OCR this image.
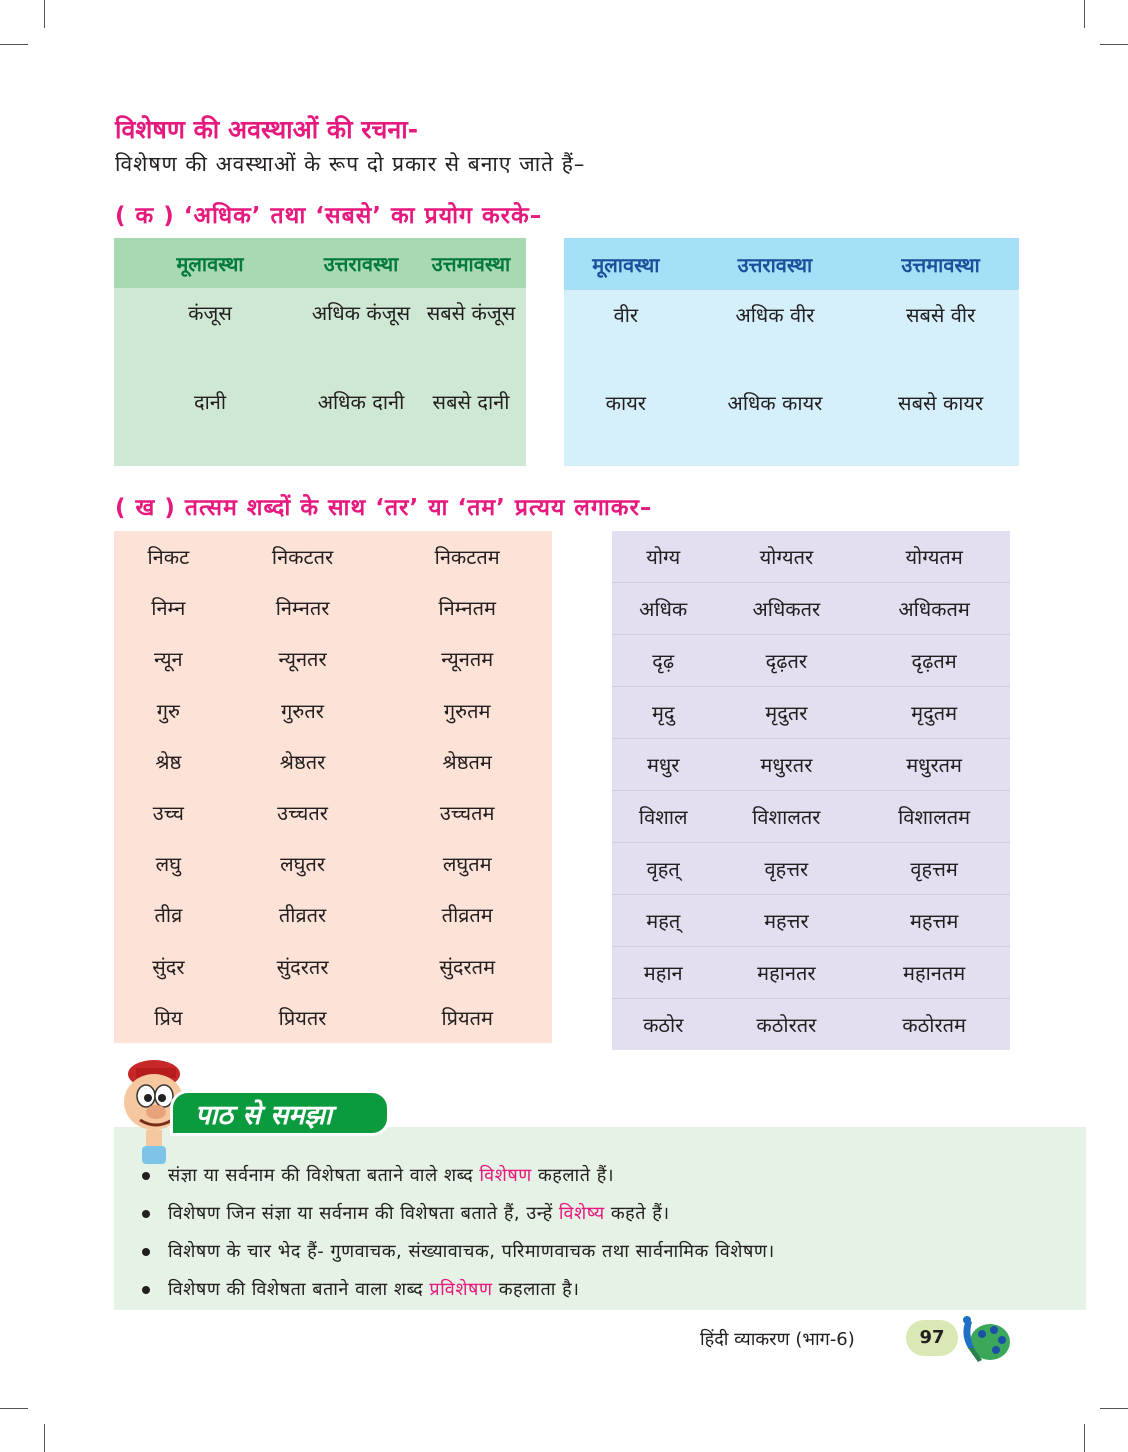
विशेषण की अवस्थाओं की रचना-
विशेषण की अवस्थाओं के रूप दो प्रकार से बनाए जाते हैं–
( क ) ‘अधिक’ तथा ‘सबसे’ का प्रयोग करके–
मूलावस्था	उत्तरावस्था	उत्तमावस्था
कंजूस	अधिक कंजूस	सबसे कंजूस
दानी	अधिक दानी	सबसे दानी
मूलावस्था	उत्तरावस्था	उत्तमावस्था
वीर	अधिक वीर	सबसे वीर
कायर	अधिक कायर	सबसे कायर
( ख ) तत्सम शब्दों के साथ ‘तर’ या ‘तम’ प्रत्यय लगाकर–
निकट	निकटतर	निकटतम
निम्न	निम्नतर	निम्नतम
न्यून	न्यूनतर	न्यूनतम
गुरु	गुरुतर	गुरुतम
श्रेष्ठ	श्रेष्ठतर	श्रेष्ठतम
उच्च	उच्चतर	उच्चतम
लघु	लघुतर	लघुतम
तीव्र	तीव्रतर	तीव्रतम
सुंदर	सुंदरतर	सुंदरतम
प्रिय	प्रियतर	प्रियतम
योग्य	योग्यतर	योग्यतम
अधिक	अधिकतर	अधिकतम
दृढ़	दृढ़तर	दृढ़तम
मृदु	मृदुतर	मृदुतम
मधुर	मधुरतर	मधुरतम
विशाल	विशालतर	विशालतम
वृहत्	वृहत्तर	वृहत्तम
महत्	महत्तर	महत्तम
महान	महानतर	महानतम
कठोर	कठोरतर	कठोरतम
संज्ञा या सर्वनाम की विशेषता बताने वाले शब्द विशेषण कहलाते हैं।
विशेषण जिन संज्ञा या सर्वनाम की विशेषता बताते हैं, उन्हें विशेष्य कहते हैं।
विशेषण के चार भेद हैं- गुणवाचक, संख्यावाचक, परिमाणवाचक तथा सार्वनामिक विशेषण।
विशेषण की विशेषता बताने वाला शब्द प्रविशेषण कहलाता है।
पाठ से समझा
हिंदी व्याकरण (भाग-6)	97
